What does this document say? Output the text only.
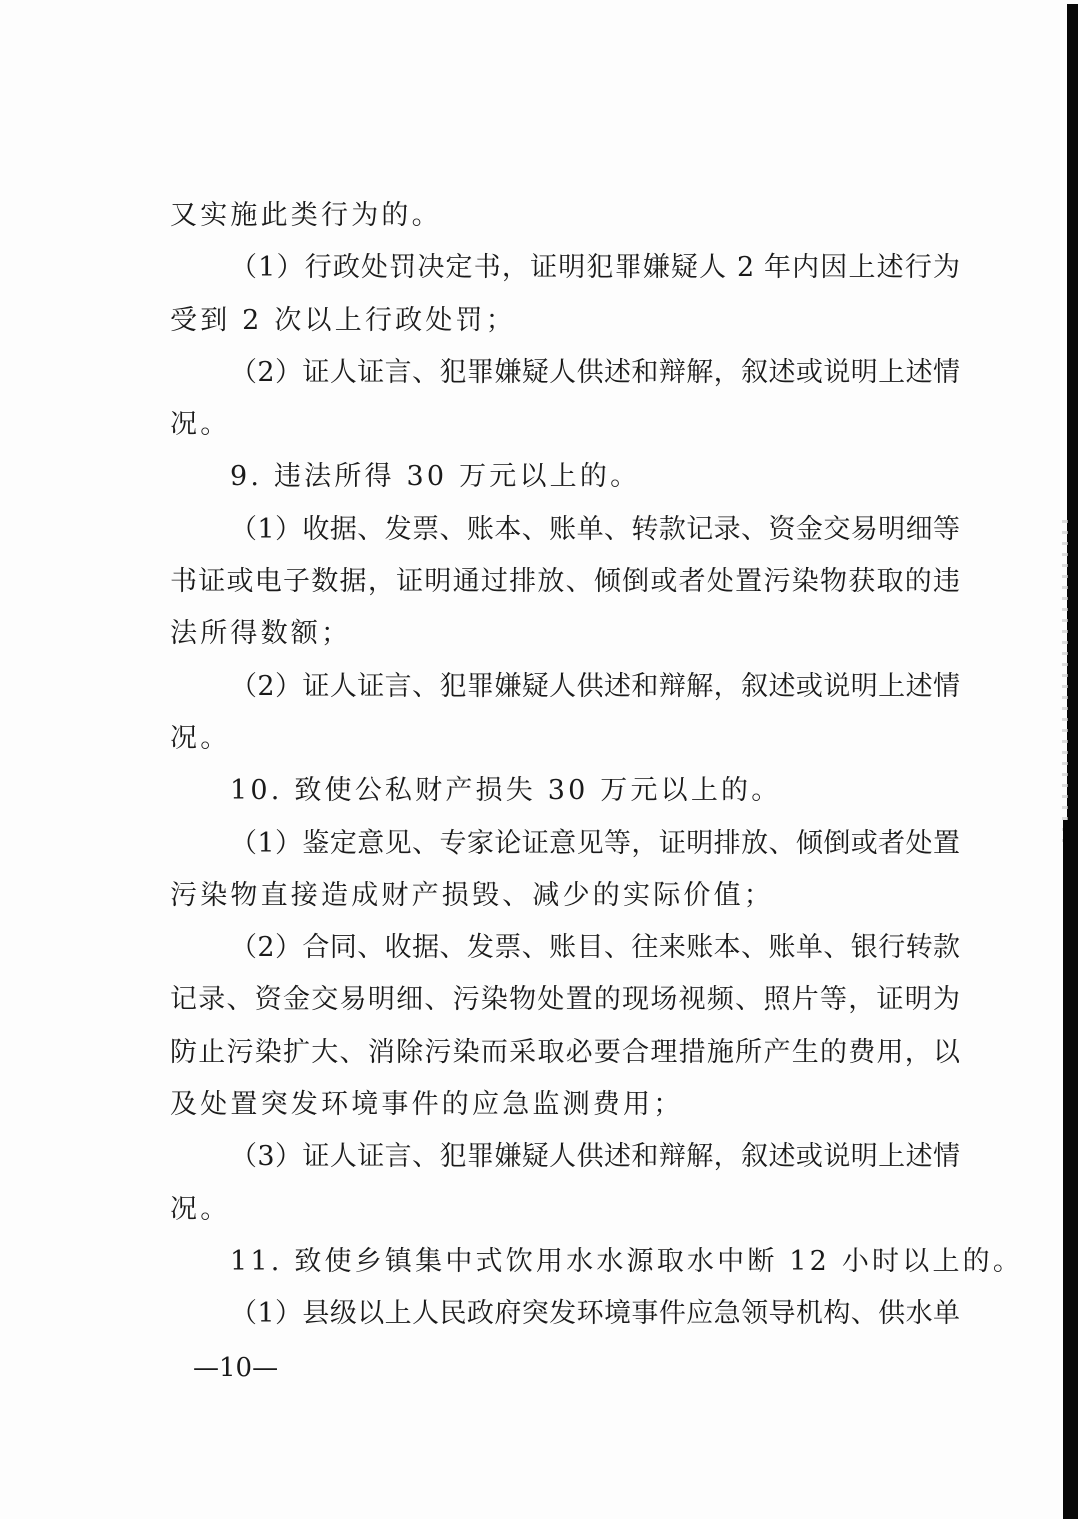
又实施此类行为的。
（1）行政处罚决定书，证明犯罪嫌疑人 2 年内因上述行为
受到 2 次以上行政处罚；
（2）证人证言、犯罪嫌疑人供述和辩解，叙述或说明上述情
况。
9. 违法所得 30 万元以上的。
（1）收据、发票、账本、账单、转款记录、资金交易明细等
书证或电子数据，证明通过排放、倾倒或者处置污染物获取的违
法所得数额；
（2）证人证言、犯罪嫌疑人供述和辩解，叙述或说明上述情
况。
10. 致使公私财产损失 30 万元以上的。
（1）鉴定意见、专家论证意见等，证明排放、倾倒或者处置
污染物直接造成财产损毁、减少的实际价值；
（2）合同、收据、发票、账目、往来账本、账单、银行转款
记录、资金交易明细、污染物处置的现场视频、照片等，证明为
防止污染扩大、消除污染而采取必要合理措施所产生的费用，以
及处置突发环境事件的应急监测费用；
（3）证人证言、犯罪嫌疑人供述和辩解，叙述或说明上述情
况。
11. 致使乡镇集中式饮用水水源取水中断 12 小时以上的。
（1）县级以上人民政府突发环境事件应急领导机构、供水单
—10—
